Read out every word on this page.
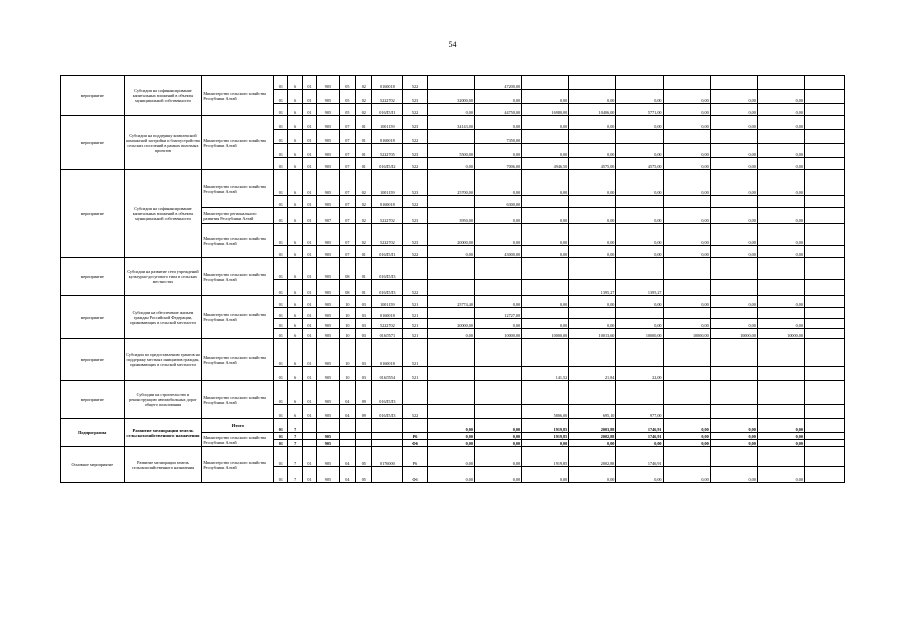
54
мероприятие	Субсидии на софинансирование капитальных вложений в объекты муниципальной собственности	Министерство сельского хозяйства Республики Алтай	01	6	01	905	05	02	0160018	522		47200,00							
			01	6	01	905	05	02	5222702	523	32000,00	0,00	0,00	0,00	0,00	0,00	0,00	0,00	
			01	6	01	905	05	02	016Л5Л1	522	0,00	44750,00	16980,00	10406,00	5771,00	0,00	0,00	0,00	
мероприятие	Субсидии на поддержку комплексной компактной застройки и благоустройства сельских поселений в рамках пилотных проектов	Министерство сельского хозяйства Республики Алтай	01	6	01	905	07	01	1001159	523	34143,00	0,00	0,00	0,00	0,00	0,00	0,00	0,00	
			01	6	01	905	07	01	0160018	522		7350,00							
			01	6	01	905	07	01	5222705	523	5500,00	0,00	0,00	0,00	0,00	0,00	0,00	0,00	
			01	6	01	905	07	01	016Л5Л2	522	0,00	7006,00	4946,50	4575,00	4575,00	0,00	0,00	0,00	
мероприятие	Субсидии на софинансирование капитальных вложений в объекты муниципальной собственности	Министерство сельского хозяйства Республики Алтай	01	6	01	905	07	02	1001159	523	25700,00	0,00	0,00	0,00	0,00	0,00	0,00	0,00	
			01	6	01	905	07	02	0160018	522		6300,00							
		Министерство регионального развития Республики Алтай	01	6	01	907	07	02	5222702	523	3950,00	0,00	0,00	0,00	0,00	0,00	0,00	0,00	
		Министерство сельского хозяйства Республики Алтай	01	6	01	905	07	02	5222702	523	20000,00	0,00	0,00	0,00	0,00	0,00	0,00	0,00	
			01	6	01	905	07	01	016Л5Л1	522	0,00	43000,00	0,00	0,00	0,00	0,00	0,00	0,00	
мероприятие	Субсидии на развитие сети учреждений культурно-досугового типа в сельских местностях	Министерство сельского хозяйства Республики Алтай	01	6	01	905	08	01	016Л5Л3										
			01	6	01	905	08	01	016Л5Л3	522				1395,27	1395,27				
мероприятие	Субсидии на обеспечение жильем граждан Российской Федерации, проживающих в сельской местности	Министерство сельского хозяйства Республики Алтай	01	6	01	905	10	03	1001159	521	25774,40	0,00	0,00	0,00	0,00	0,00	0,00	0,00	
			01	6	01	905	10	03	0160018	521		12727,00							
			01	6	01	905	10	03	5222702	521	20000,00	0,00	0,00	0,00	0,00	0,00	0,00	0,00	
			01	6	01	905	10	03	016Л571	521	0,00	10000,00	10000,00	10013,60	10000,00	10000,00	10000,00	10000,00	
мероприятие	Субсидии по предоставлению грантов на поддержку местных инициатив граждан, проживающих в сельской местности	Министерство сельского хозяйства Республики Алтай	01	6	01	905	10	03	0160018	521									
			01	6	01	905	10	03	016Л554	521			141,52	21,84	22,00				
мероприятие	Субсидии на строительство и реконструкцию автомобильных дорог общего пользования	Министерство сельского хозяйства Республики Алтай	01	6	01	905	04	09	016Л5Л3										
			01	6	01	905	04	09	016Л5Л3	522			5806,00	695,10	977,00				
Подпрограмма	Развитие мелиорации земель сельскохозяйственного назначения	Итого	01	7							0,00	0,00	1919,85	2003,88	1746,91	0,00	0,00	0,00	
		Министерство сельского хозяйства Республики Алтай	01	7		905				Р6	0,00	0,00	1919,85	2002,88	1746,91	0,00	0,00	0,00	
			01	7		905				Ф6	0,00	0,00	0,00	0,00	0,00	0,00	0,00	0,00	
Основное мероприятие	Развитие мелиорации земель сельскохозяйственного назначения	Министерство сельского хозяйства Республики Алтай	01	7	01	905	04	05	0176000	Р6	0,00	0,00	1919,85	2002,88	1746,91				
			01	7	01	905	04	05		Ф6	0,00	0,00	0,00	0,00	0,00	0,00	0,00	0,00	
